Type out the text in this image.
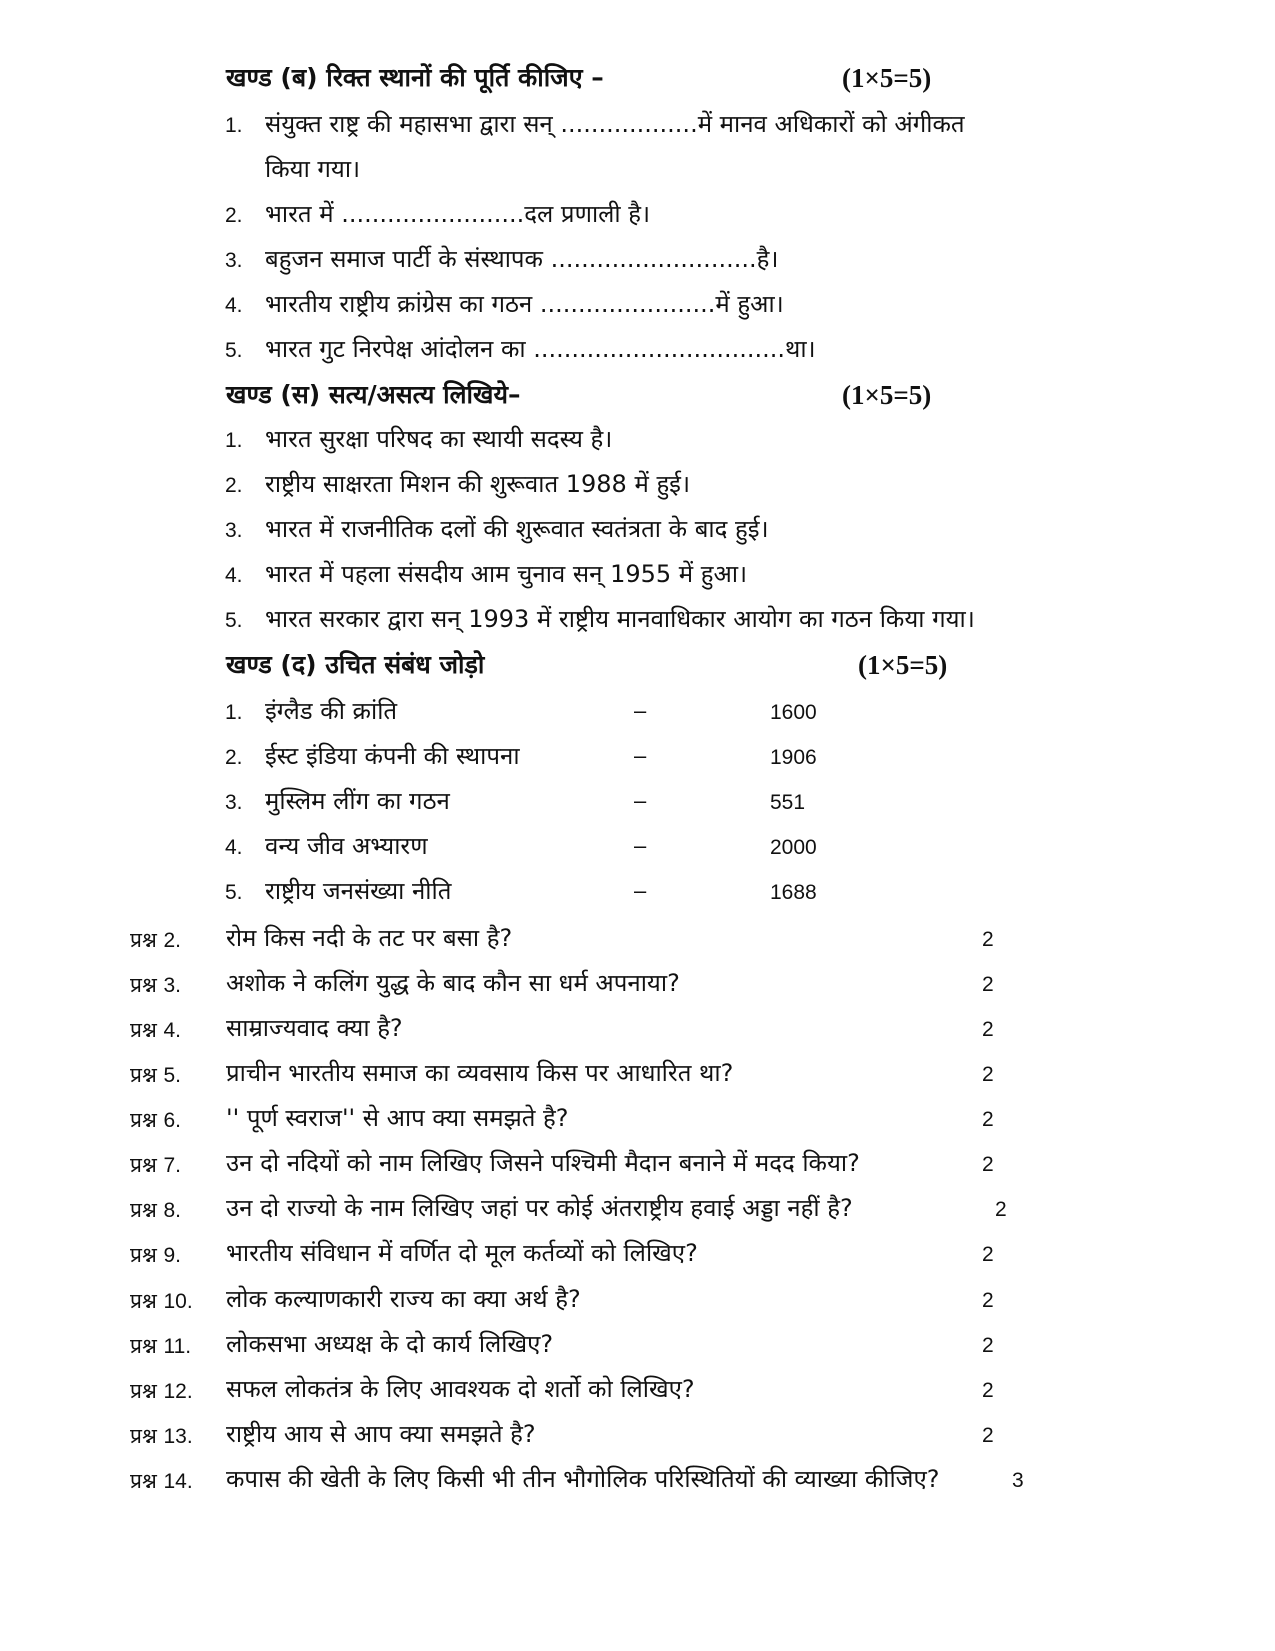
खण्ड (ब) रिक्त स्थानों की पूर्ति कीजिए –	(1×5=5)
1. संयुक्त राष्ट्र की महासभा द्वारा सन् ..................में मानव अधिकारों को अंगीकत
किया गया।
2. भारत में ........................दल प्रणाली है।
3. बहुजन समाज पार्टी के संस्थापक ...........................है।
4. भारतीय राष्ट्रीय क्रांग्रेस का गठन .......................में हुआ।
5. भारत गुट निरपेक्ष आंदोलन का .................................था।
खण्ड (स) सत्य/असत्य लिखिये–	(1×5=5)
1. भारत सुरक्षा परिषद का स्थायी सदस्य है।
2. राष्ट्रीय साक्षरता मिशन की शुरूवात 1988 में हुई।
3. भारत में राजनीतिक दलों की शुरूवात स्वतंत्रता के बाद हुई।
4. भारत में पहला संसदीय आम चुनाव सन् 1955 में हुआ।
5. भारत सरकार द्वारा सन् 1993 में राष्ट्रीय मानवाधिकार आयोग का गठन किया गया।
खण्ड (द) उचित संबंध जोड़ो	(1×5=5)
1. इंग्लैड की क्रांति	–	1600
2. ईस्ट इंडिया कंपनी की स्थापना	–	1906
3. मुस्लिम लींग का गठन	–	551
4. वन्य जीव अभ्यारण	–	2000
5. राष्ट्रीय जनसंख्या नीति	–	1688
प्रश्न 2. रोम किस नदी के तट पर बसा है?	2
प्रश्न 3. अशोक ने कलिंग युद्ध के बाद कौन सा धर्म अपनाया?	2
प्रश्न 4. साम्राज्यवाद क्या है?	2
प्रश्न 5. प्राचीन भारतीय समाज का व्यवसाय किस पर आधारित था?	2
प्रश्न 6. '' पूर्ण स्वराज'' से आप क्या समझते है?	2
प्रश्न 7. उन दो नदियों को नाम लिखिए जिसने पश्चिमी मैदान बनाने में मदद किया?	2
प्रश्न 8. उन दो राज्यो के नाम लिखिए जहां पर कोई अंतराष्ट्रीय हवाई अड्डा नहीं है?	2
प्रश्न 9. भारतीय संविधान में वर्णित दो मूल कर्तव्यों को लिखिए?	2
प्रश्न 10. लोक कल्याणकारी राज्य का क्या अर्थ है?	2
प्रश्न 11. लोकसभा अध्यक्ष के दो कार्य लिखिए?	2
प्रश्न 12. सफल लोकतंत्र के लिए आवश्यक दो शर्तो को लिखिए?	2
प्रश्न 13. राष्ट्रीय आय से आप क्या समझते है?	2
प्रश्न 14. कपास की खेती के लिए किसी भी तीन भौगोलिक परिस्थितियों की व्याख्या कीजिए?	3
